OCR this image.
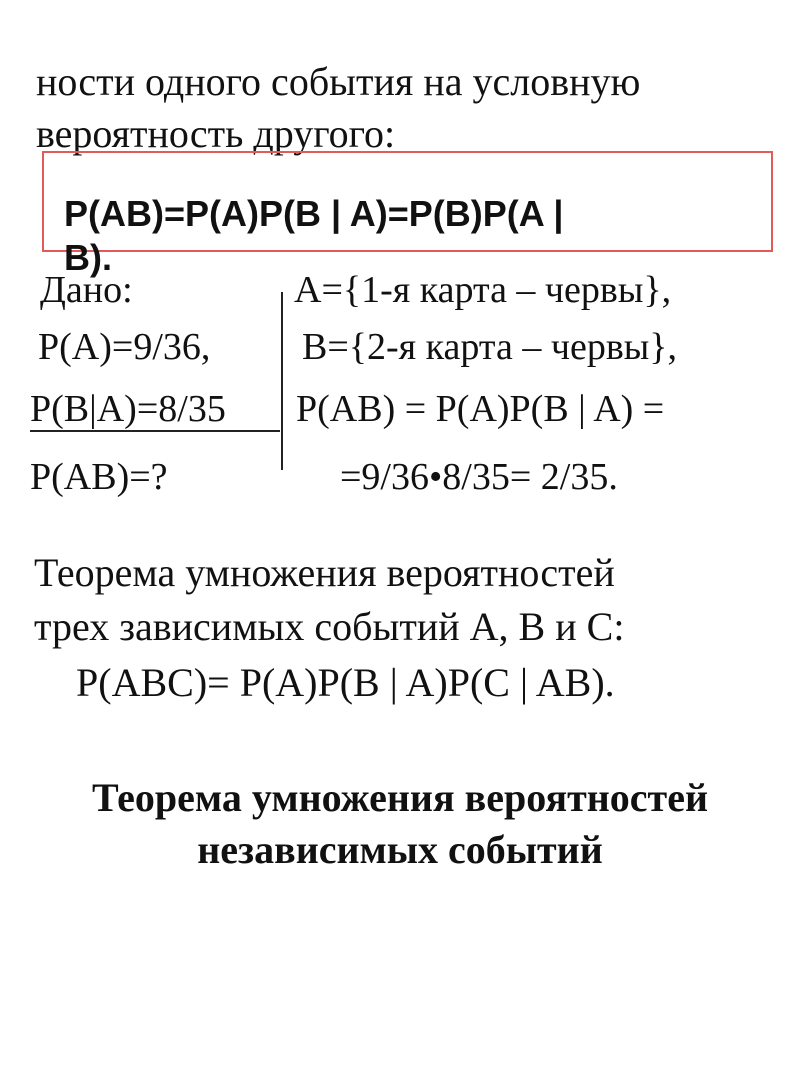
ности одного события на условную
вероятность другого:
P(AB)=P(A)P(B | A)=P(B)P(A |
B).
Дано:	A={1-я карта – червы},
P(A)=9/36, B={2-я карта – червы},
P(B|A)=8/35 P(AB) = P(A)P(B | A) =
P(AB)=?	=9/36•8/35= 2/35.
Теорема умножения вероятностей
трех зависимых событий A, B и C:
P(ABC)= P(A)P(B | A)P(C | AB).
Теорема умножения вероятностей
независимых событий
